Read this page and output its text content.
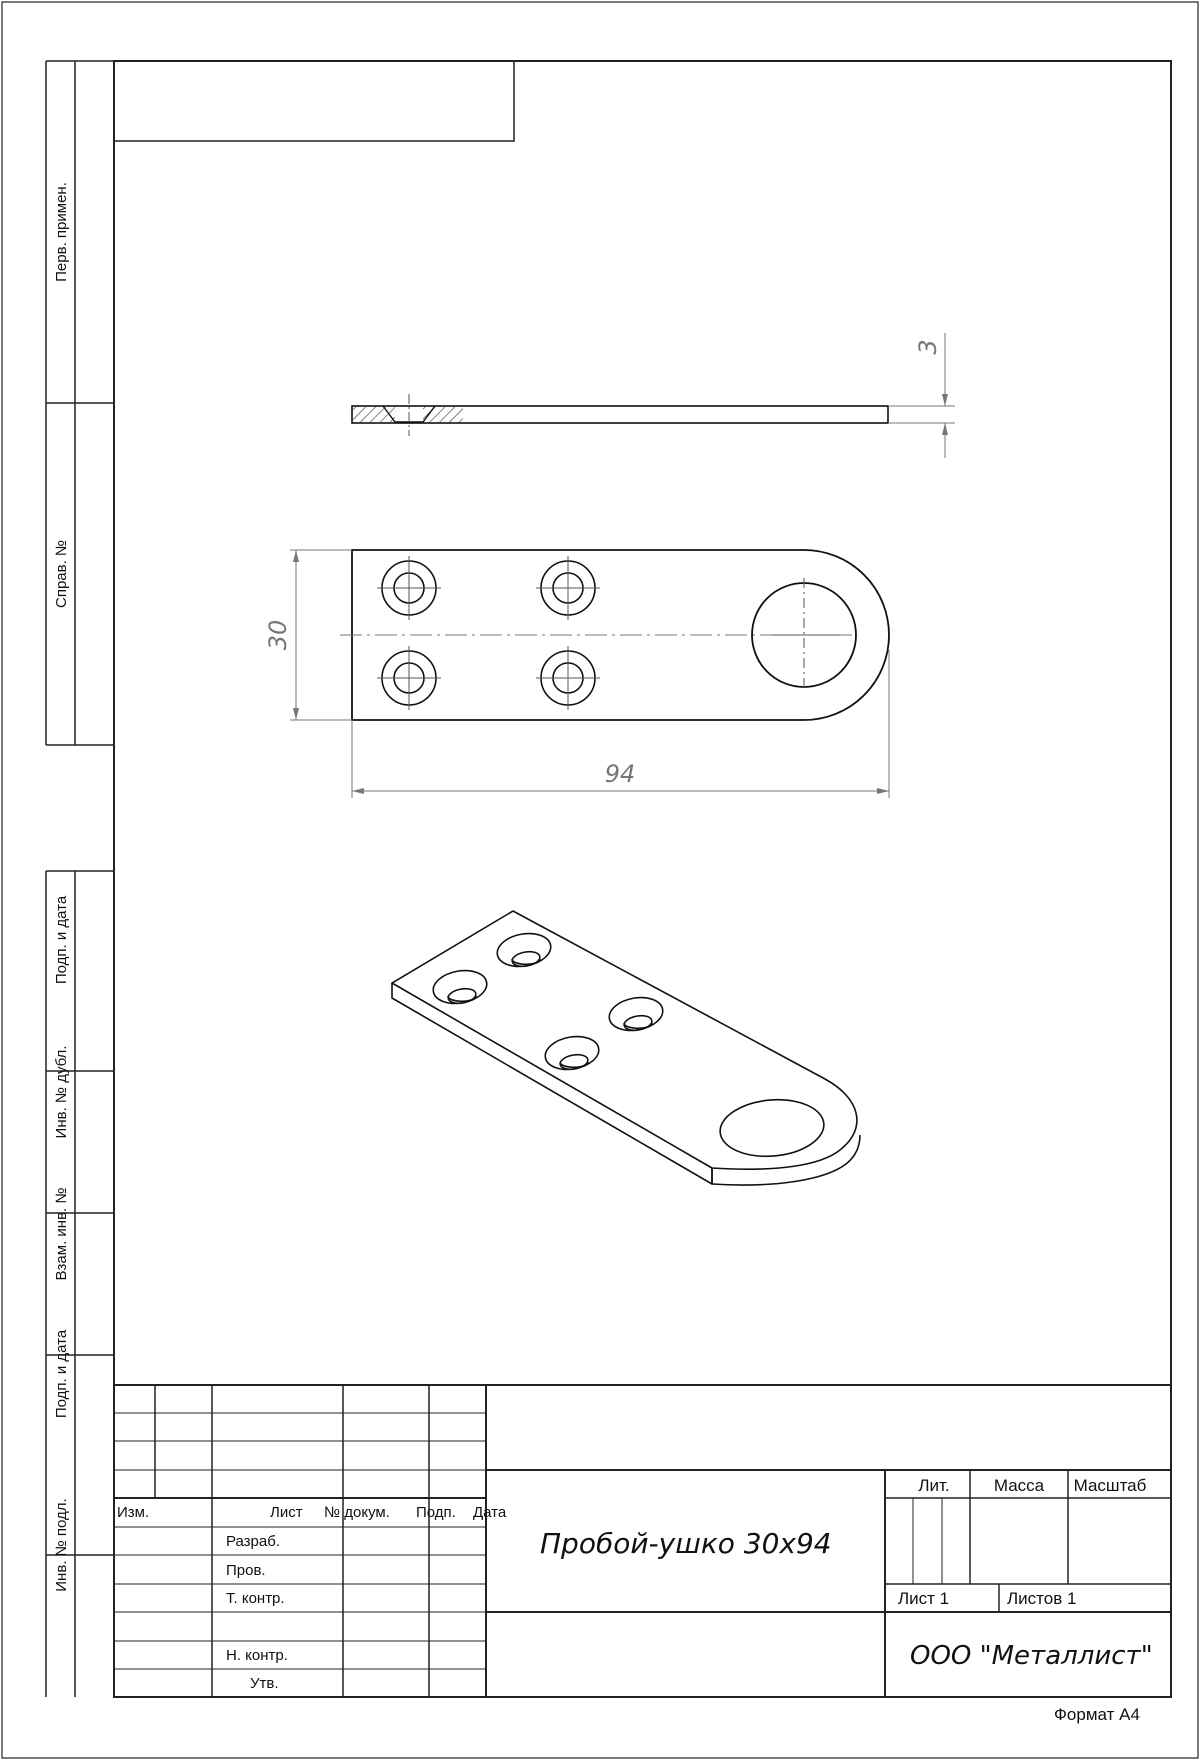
Перв. примен.
Справ. №
Подп. и дата
Инв. № дубл.
Взам. инв. №
Подп. и дата
Инв. № подл.
3
30
94
Изм.	Лист № докум. Подп. Дата
Разраб.
Пров.
Т. контр.
Н. контр.
Утв.
Лит.	Масса Масштаб
Лист 1	Листов 1
Пробой-ушко 30х94
ООО "Металлист"
Формат А4
